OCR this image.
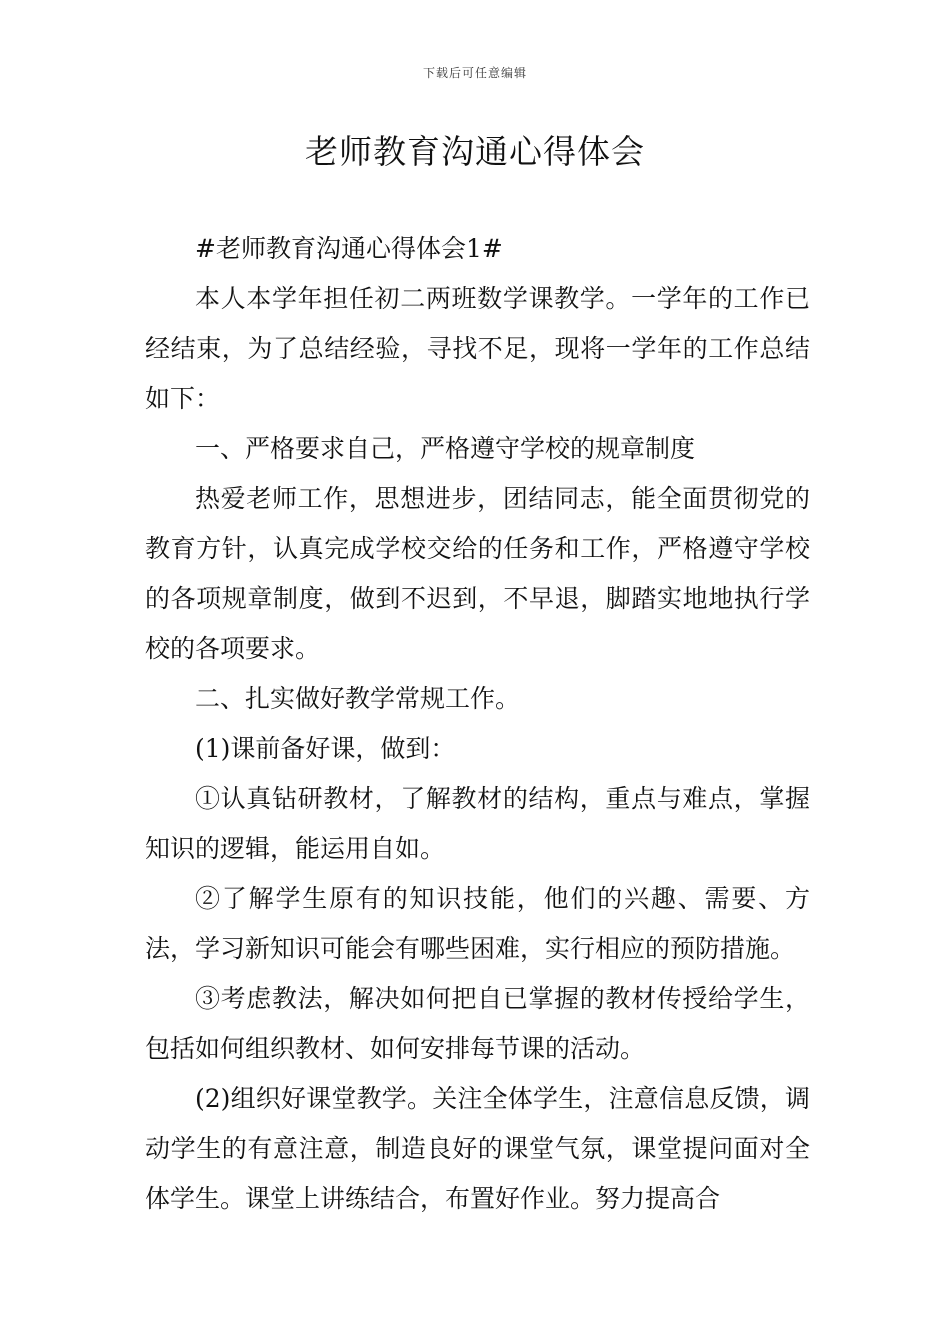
下载后可任意编辑
老师教育沟通心得体会

#老师教育沟通心得体会1#

本人本学年担任初二两班数学课教学。一学年的工作已经结束，为了总结经验，寻找不足，现将一学年的工作总结如下：

一、严格要求自己，严格遵守学校的规章制度

热爱老师工作，思想进步，团结同志，能全面贯彻党的教育方针，认真完成学校交给的任务和工作，严格遵守学校的各项规章制度，做到不迟到，不早退，脚踏实地地执行学校的各项要求。

二、扎实做好教学常规工作。

(1)课前备好课，做到：

①认真钻研教材，了解教材的结构，重点与难点，掌握知识的逻辑，能运用自如。

②了解学生原有的知识技能，他们的兴趣、需要、方法，学习新知识可能会有哪些困难，实行相应的预防措施。

③考虑教法，解决如何把自已掌握的教材传授给学生，包括如何组织教材、如何安排每节课的活动。

(2)组织好课堂教学。关注全体学生，注意信息反馈，调动学生的有意注意，制造良好的课堂气氛，课堂提问面对全体学生。课堂上讲练结合，布置好作业。努力提高合
